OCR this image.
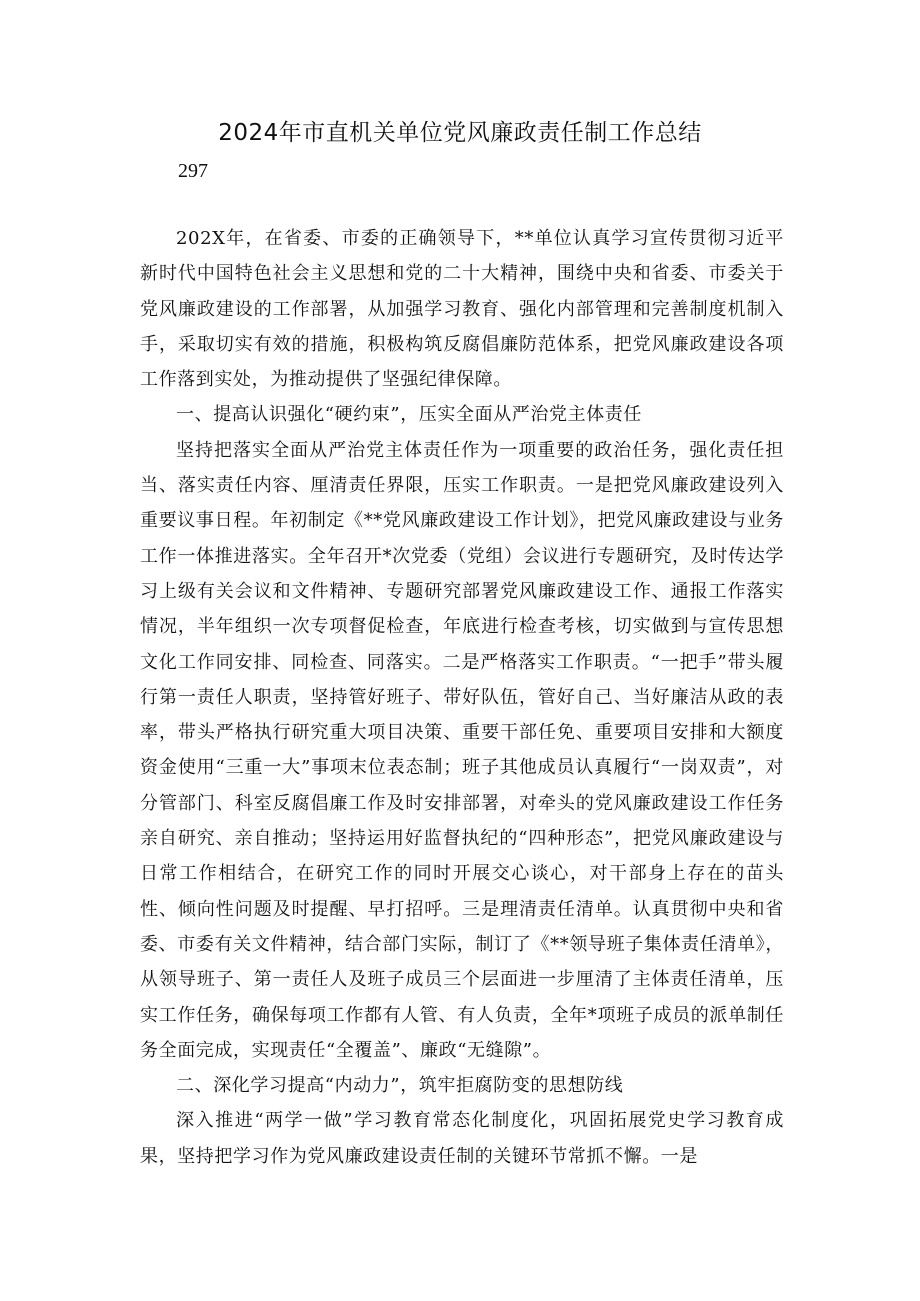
2024年市直机关单位党风廉政责任制工作总结
297

202X年，在省委、市委的正确领导下，**单位认真学习宣传贯彻习近平新时代中国特色社会主义思想和党的二十大精神，围绕中央和省委、市委关于党风廉政建设的工作部署，从加强学习教育、强化内部管理和完善制度机制入手，采取切实有效的措施，积极构筑反腐倡廉防范体系，把党风廉政建设各项工作落到实处，为推动提供了坚强纪律保障。

一、提高认识强化“硬约束”，压实全面从严治党主体责任

坚持把落实全面从严治党主体责任作为一项重要的政治任务，强化责任担当、落实责任内容、厘清责任界限，压实工作职责。一是把党风廉政建设列入重要议事日程。年初制定《**党风廉政建设工作计划》，把党风廉政建设与业务工作一体推进落实。全年召开*次党委（党组）会议进行专题研究，及时传达学习上级有关会议和文件精神、专题研究部署党风廉政建设工作、通报工作落实情况，半年组织一次专项督促检查，年底进行检查考核，切实做到与宣传思想文化工作同安排、同检查、同落实。二是严格落实工作职责。“一把手”带头履行第一责任人职责，坚持管好班子、带好队伍，管好自己、当好廉洁从政的表率，带头严格执行研究重大项目决策、重要干部任免、重要项目安排和大额度资金使用“三重一大”事项末位表态制；班子其他成员认真履行“一岗双责”，对分管部门、科室反腐倡廉工作及时安排部署，对牵头的党风廉政建设工作任务亲自研究、亲自推动；坚持运用好监督执纪的“四种形态”，把党风廉政建设与日常工作相结合，在研究工作的同时开展交心谈心，对干部身上存在的苗头性、倾向性问题及时提醒、早打招呼。三是理清责任清单。认真贯彻中央和省委、市委有关文件精神，结合部门实际，制订了《**领导班子集体责任清单》，从领导班子、第一责任人及班子成员三个层面进一步厘清了主体责任清单，压实工作任务，确保每项工作都有人管、有人负责，全年*项班子成员的派单制任务全面完成，实现责任“全覆盖”、廉政“无缝隙”。

二、深化学习提高“内动力”，筑牢拒腐防变的思想防线

深入推进“两学一做”学习教育常态化制度化，巩固拓展党史学习教育成果，坚持把学习作为党风廉政建设责任制的关键环节常抓不懈。一是
